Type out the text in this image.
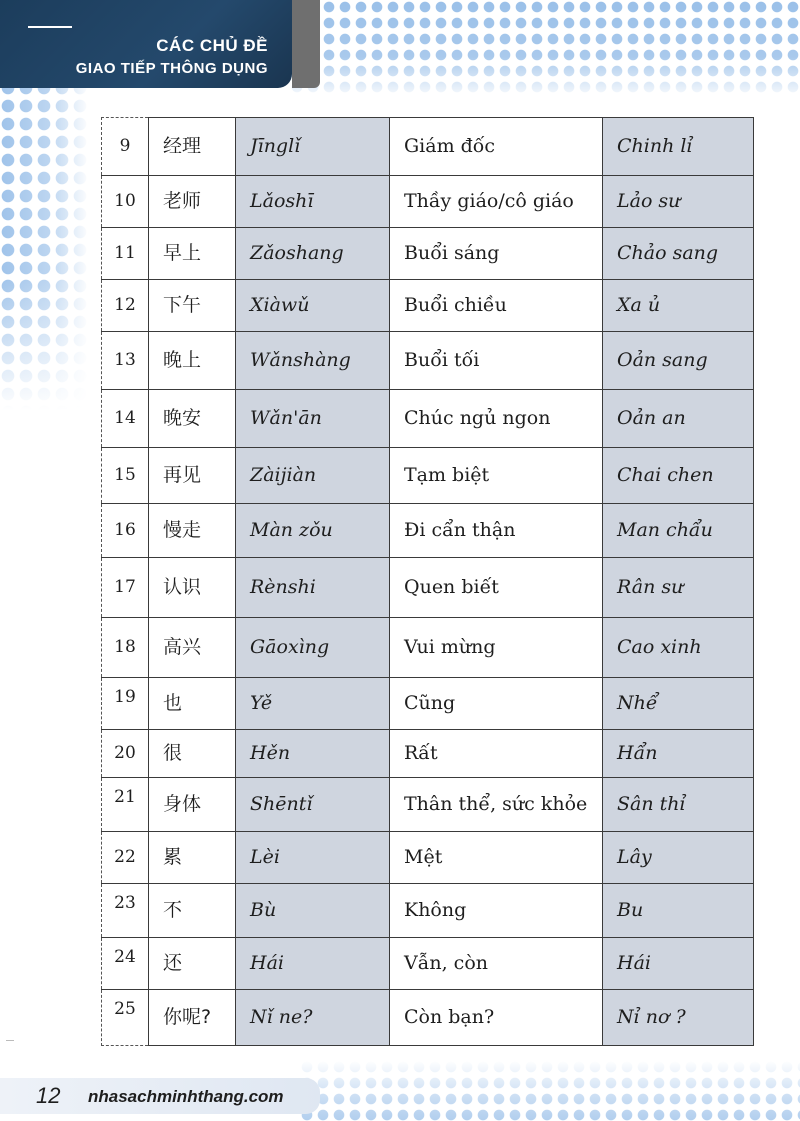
CÁC CHỦ ĐỀ
GIAO TIẾP THÔNG DỤNG
9	经理	Jīnglǐ	Giám đốc	Chinh lỉ
10	老师	Lǎoshī	Thầy giáo/cô giáo	Lảo sư
11	早上	Zǎoshang	Buổi sáng	Chảo sang
12	下午	Xiàwǔ	Buổi chiều	Xa ủ
13	晚上	Wǎnshàng	Buổi tối	Oản sang
14	晚安	Wǎn'ān	Chúc ngủ ngon	Oản an
15	再见	Zàijiàn	Tạm biệt	Chai chen
16	慢走	Màn zǒu	Đi cẩn thận	Man chẩu
17	认识	Rènshi	Quen biết	Rân sư
18	高兴	Gāoxìng	Vui mừng	Cao xinh
19	也	Yě	Cũng	Nhể
20	很	Hěn	Rất	Hẩn
21	身体	Shēntǐ	Thân thể, sức khỏe	Sân thỉ
22	累	Lèi	Mệt	Lây
23	不	Bù	Không	Bu
24	还	Hái	Vẫn, còn	Hái
25	你呢?	Nǐ ne?	Còn bạn?	Nỉ nơ ?
12 nhasachminhthang.com
